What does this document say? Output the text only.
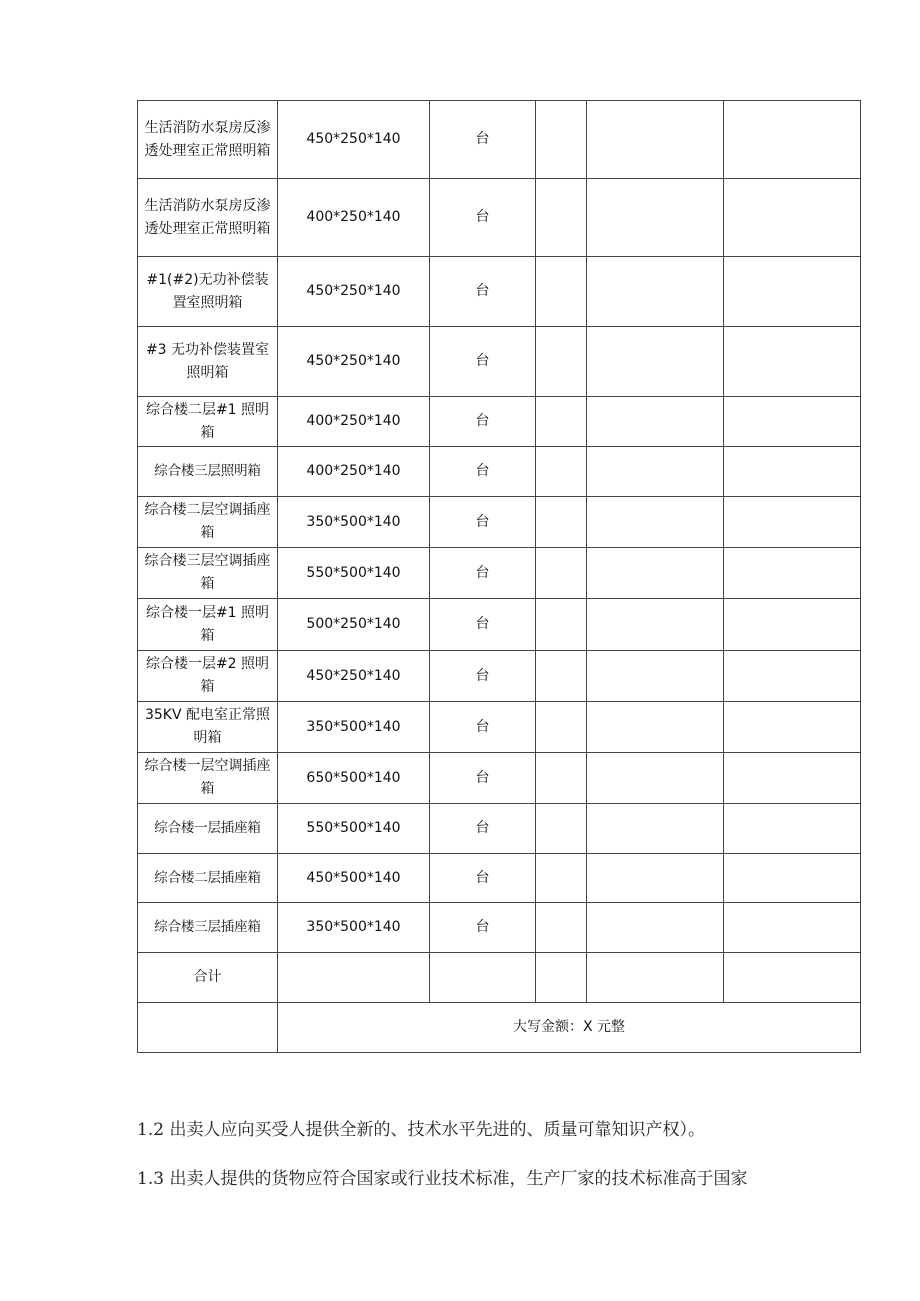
生活消防水泵房反渗透处理室正常照明箱	450*250*140	台			
生活消防水泵房反渗透处理室正常照明箱	400*250*140	台			
#1(#2)无功补偿装置室照明箱	450*250*140	台			
#3 无功补偿装置室照明箱	450*250*140	台			
综合楼二层#1 照明箱	400*250*140	台			
综合楼三层照明箱	400*250*140	台			
综合楼二层空调插座箱	350*500*140	台			
综合楼三层空调插座箱	550*500*140	台			
综合楼一层#1 照明箱	500*250*140	台			
综合楼一层#2 照明箱	450*250*140	台			
35KV 配电室正常照明箱	350*500*140	台			
综合楼一层空调插座箱	650*500*140	台			
综合楼一层插座箱	550*500*140	台			
综合楼二层插座箱	450*500*140	台			
综合楼三层插座箱	350*500*140	台			
合计					
	大写金额：X 元整				
1.2 出卖人应向买受人提供全新的、技术水平先进的、质量可靠知识产权）。
1.3 出卖人提供的货物应符合国家或行业技术标准，生产厂家的技术标准高于国家
